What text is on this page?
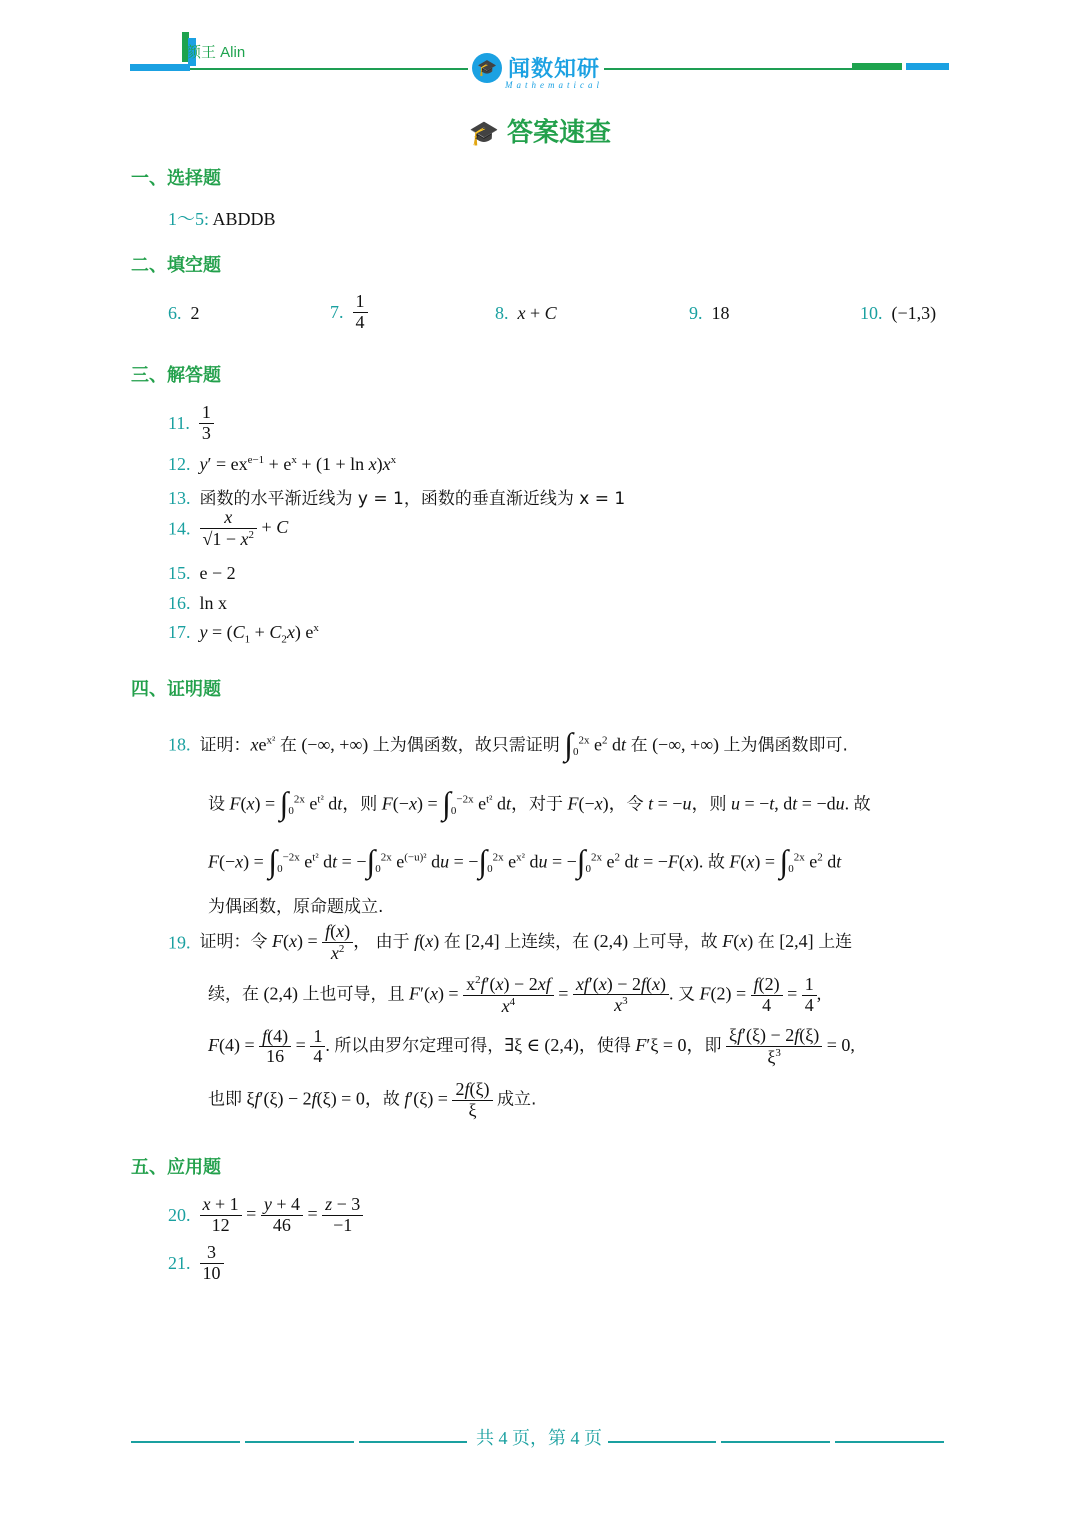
颜王 Alin
🎓 闻数知研
Mathematical
🎓 答案速查
一、选择题
1～5: ABDDB
二、填空题
6. 2	7. $\frac{1}{4}$	8. x + C	9. 18	10. (−1,3)
三、解答题
11. $\frac{1}{3}$
12. $y' = ex^{e-1} + e^x + (1 + \ln x)x^x$
13. 函数的水平渐近线为 y = 1，函数的垂直渐近线为 x = 1
14. $\frac{x}{√1 - x^2} + C$
15. e − 2
16. ln x
17. $y = (C_1 + C_2x)$ $e^x$
四、证明题
18. 证明：$xe^{x^2}$ 在 (−∞, +∞) 上为偶函数，故只需证明 $\int_0^{2x}$ $e^2$ dt 在 (−∞, +∞) 上为偶函数即可.
设 $F(x) = \int_0^{2x}$ $e^{t^2}$ dt，则 $F(-x) = \int_0^{-2x}$ $e^{t^2}$ dt，对于 F(−x)，令 t = −u，则 u = −t, dt = −du. 故
$F(-x) = \int_0^{-2x}$ $e^{t^2}$ dt = $-\int_0^{2x}$ $e^{(-u)^2}$ du = $-\int_0^{2x}$ $e^{x^2}$ du = $-\int_0^{2x}$ $e^2$ dt = −F(x). 故 $F(x) = \int_0^{2x}$ $e^2$ dt
为偶函数，原命题成立.
19. 证明：令 $F(x) = \frac{f(x)}{x^2}$ ， 由于 f(x) 在 [2,4] 上连续，在 (2,4) 上可导，故 F(x) 在 [2,4] 上连
续，在 (2,4) 上也可导，且 $F'(x) = \frac{x^2f'(x) - 2xf}{x^4} = \frac{xf'(x) - 2f(x)}{x^3}$ . 又 $F(2) = \frac{f(2)}{4} = \frac{1}{4}$ ,
$F(4) = \frac{f(4)}{16} = \frac{1}{4}$ . 所以由罗尔定理可得，∃ξ ∈ (2,4)，使得 F′ξ = 0，即 $\frac{\xi f'(\xi) - 2f(\xi)}{\xi^3} = 0$,
也即 ξf′(ξ) − 2f(ξ) = 0，故 $f'(\xi) = \frac{2f(\xi)}{\xi}$ 成立.
五、应用题
20. $\frac{x + 1}{12} = \frac{y + 4}{46} = \frac{z - 3}{-1}$
21. $\frac{3}{10}$
共 4 页，第 4 页
